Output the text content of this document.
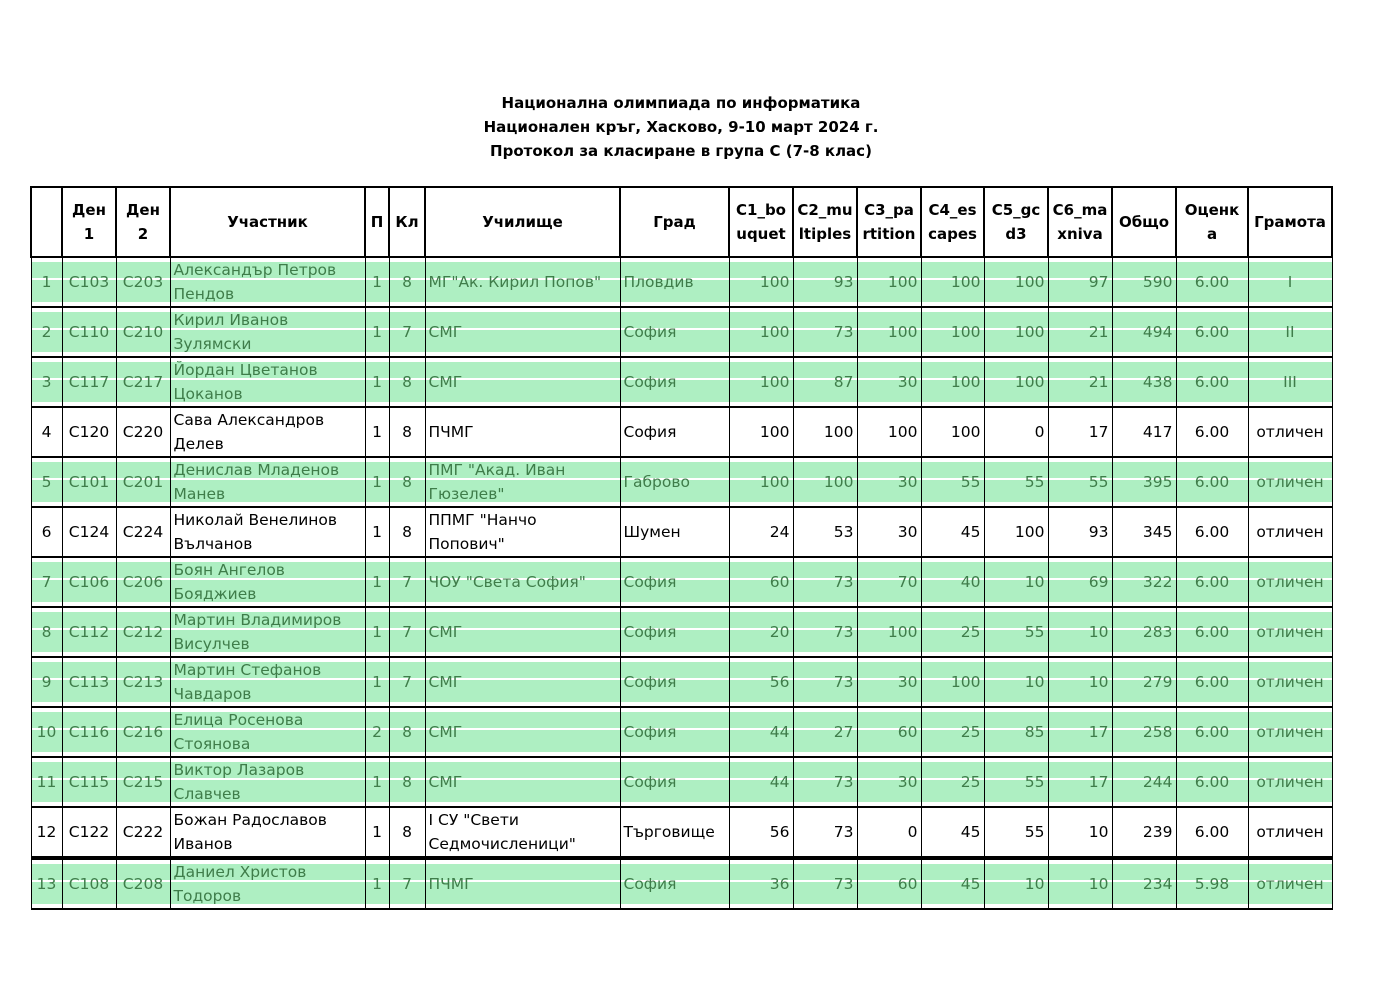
Национална олимпиада по информатика
Национален кръг, Хасково, 9-10 март 2024 г.
Протокол за класиране в група C (7-8 клас)
	Ден 1	Ден 2	Участник	П	Кл	Училище	Град	C1_bouquet	C2_multiples	C3_partition	C4_escapes	C5_gcd3	C6_maxniva	Общо	Оценка	Грамота
1	C103	C203	Александър Петров Пендов	1	8	МГ"Ак. Кирил Попов"	Пловдив	100	93	100	100	100	97	590	6.00	I
2	C110	C210	Кирил Иванов Зулямски	1	7	СМГ	София	100	73	100	100	100	21	494	6.00	II
3	C117	C217	Йордан Цветанов Цоканов	1	8	СМГ	София	100	87	30	100	100	21	438	6.00	III
4	C120	C220	Сава Александров Делев	1	8	ПЧМГ	София	100	100	100	100	0	17	417	6.00	отличен
5	C101	C201	Денислав Младенов Манев	1	8	ПМГ "Акад. Иван Гюзелев"	Габрово	100	100	30	55	55	55	395	6.00	отличен
6	C124	C224	Николай Венелинов Вълчанов	1	8	ППМГ "Нанчо Попович"	Шумен	24	53	30	45	100	93	345	6.00	отличен
7	C106	C206	Боян Ангелов Бояджиев	1	7	ЧОУ "Света София"	София	60	73	70	40	10	69	322	6.00	отличен
8	C112	C212	Мартин Владимиров Висулчев	1	7	СМГ	София	20	73	100	25	55	10	283	6.00	отличен
9	C113	C213	Мартин Стефанов Чавдаров	1	7	СМГ	София	56	73	30	100	10	10	279	6.00	отличен
10	C116	C216	Елица Росенова Стоянова	2	8	СМГ	София	44	27	60	25	85	17	258	6.00	отличен
11	C115	C215	Виктор Лазаров Славчев	1	8	СМГ	София	44	73	30	25	55	17	244	6.00	отличен
12	C122	C222	Божан Радославов Иванов	1	8	I СУ "Свети Седмочисленици"	Търговище	56	73	0	45	55	10	239	6.00	отличен
13	C108	C208	Даниел Христов Тодоров	1	7	ПЧМГ	София	36	73	60	45	10	10	234	5.98	отличен
